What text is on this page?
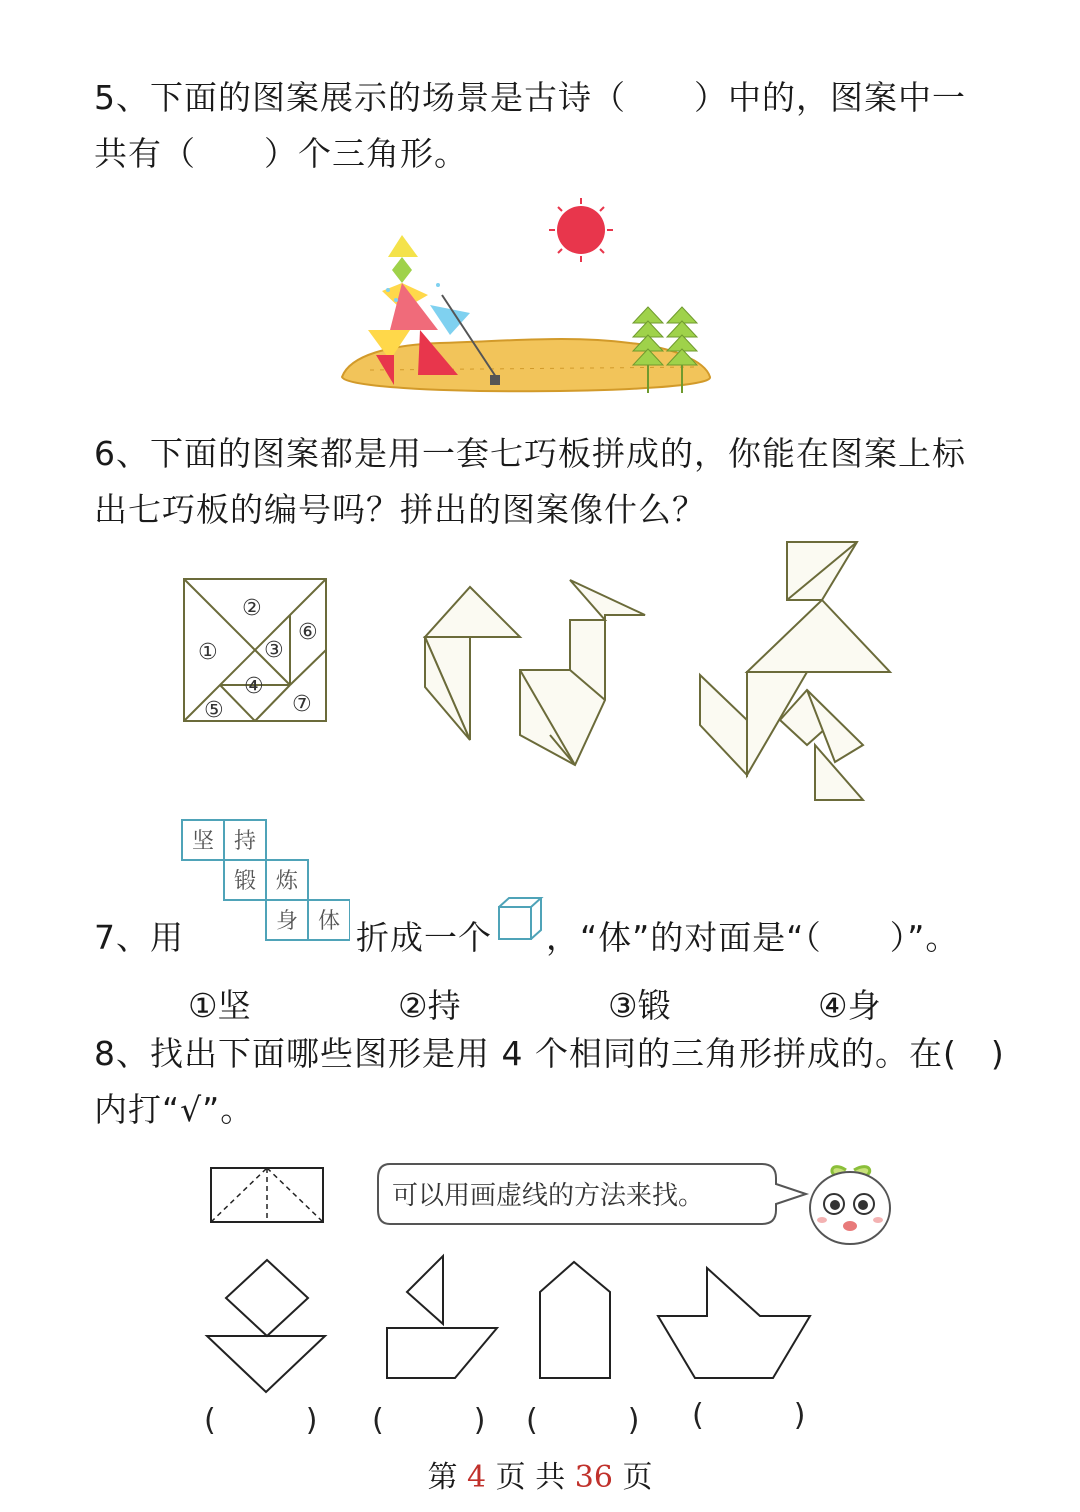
5、下面的图案展示的场景是古诗（　　）中的，图案中一
共有（　　）个三角形。
6、下面的图案都是用一套七巧板拼成的，你能在图案上标
出七巧板的编号吗？拼出的图案像什么？
②
① ③
④
⑤
⑥
⑦
坚 持
锻 炼
身 体
7、用	折成一个 ，“体”的对面是“（　　）”。
①坚	②持	③锻	④身
8、找出下面哪些图形是用 4 个相同的三角形拼成的。在(　)
内打“√”。
可以用画虚线的方法来找。
(　　　) (　　　) (　　　) (　　　)
第 4 页 共 36 页
